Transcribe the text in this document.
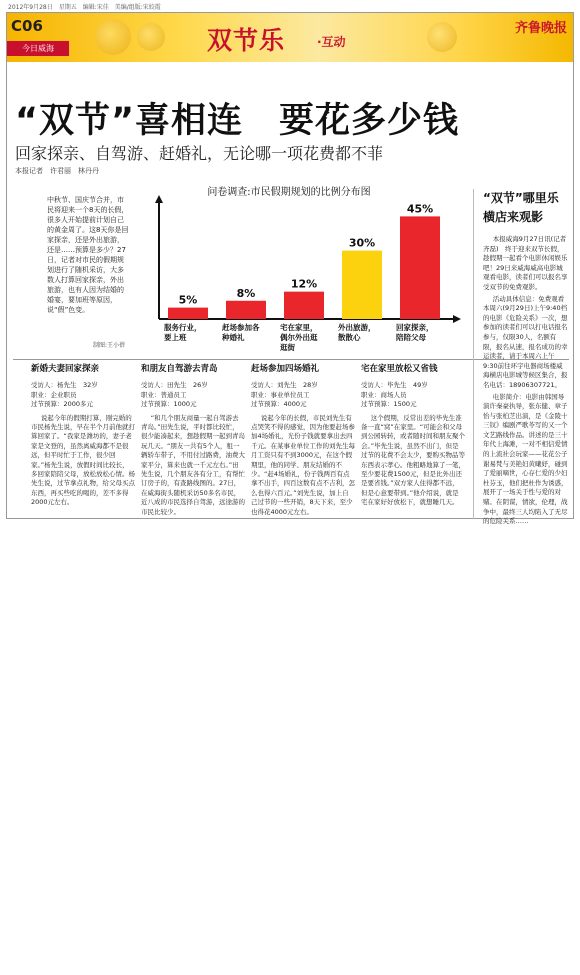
2012年9月28日　星期五　编辑:宋佳　美编/组版:宋姣霞
C06
今日威海	双节乐	·互动
齐鲁晚报
“双节”喜相连　要花多少钱
回家探亲、自驾游、赶婚礼，无论哪一项花费都不菲
本报记者　许君丽　林丹丹
中秋节、国庆节合并，市民将迎来一个8天的长假，很多人开始提前计划自己的黄金周了。这8天你是回家探亲，还是外出旅游，还是……预算是多少？27日，记者对市民的假期规划进行了随机采访，大多数人打算回家探亲，外出旅游，也有人因为结婚的婚宴，要加班等原因，说“假”色变。
制图:王小蓓
问卷调查:市民假期规划的比例分布图
5%
8%
12%
30%
45%
服务行业，要上班
赶场参加各种婚礼
宅在家里，偶尔外出逛逛街
外出旅游，散散心
回家探亲，陪陪父母
新婚夫妻回家探亲
受访人：杨先生　32岁
职业：企业职员
过节预算：2000多元

说起今年的假期打算，刚完婚的市民杨先生说，早在半个月前他就打算回家了。“我家是潍坊的，妻子老家是文登的，虽然离威海都不是很远，但平时忙于工作，很少回家。”杨先生说，放假时间比较长，多回家陪陪父母，放松放松心情。杨先生说，过节拿点礼物，给父母买点东西，再买些吃的喝的，差不多得2000元左右。

和朋友自驾游去青岛
受访人：田先生　26岁
职业：普通员工
过节预算：1000元

“和几个朋友商量一起自驾游去青岛。”田先生说，平时都比较忙，很少能凑起来，想趁假期一起到青岛玩几天。“朋友一共有5个人，租一辆轿车带子，不用付过路费，油费大家平分，算来也就一千元左右。”田先生说，几个朋友各有分工，有帮忙订房子的，有查路线图的。27日，在威海街头随机采访50多名市民，近八成的市民选择自驾游，远途游的市民比较少。

赶场参加四场婚礼
受访人：刘先生　28岁
职业：事业单位员工
过节预算：4000元

说起今年的长假，市民刘先生有点哭笑不得的感觉，因为他要赶场参加4场婚礼，光份子钱就要拿出去四千元。在某事业单位工作的刘先生每月工资只有不到3000元，在这个假期里，他的同学、朋友结婚的不少。“赶4场婚礼，份子钱两百有点拿不出手，四百这数有点不吉利，怎么也得六百元。”刘先生说，加上自己过节的一些开销，8天下来，至少也得花4000元左右。

宅在家里放松又省钱
受访人：毕先生　49岁
职业：商场人员
过节预算：1500元

这个假期，反常出差的毕先生准备一直“窝”在家里。“可能会和父母到公园转转，或者随时间和朋友聚个会。”毕先生说，虽然不出门，但是过节的花费不会太少，要购买物品等东西表示孝心。他粗略地算了一笔，至少要花费1500元，但是比外出还是要省钱。”双方家人住得都不远，但是心意要带到。”他介绍说，就是宅在家好好放松下，就想睡几天。

“双节”哪里乐　横店来观影

本报威海9月27日讯(记者　齐磊)　终于迎来双节长假，趁假期一起看个电影休闲娱乐吧！29日来威海威高电影城观看电影，读者们可以报名享受双节的免费观影。

活动具体信息：免费观看本周六(9月29日)上午9:40档的电影《危险关系》一次，想参加的读者们可以打电话报名参与，仅限30人，名额有限，报名从速，报名成功的幸运读者，请于本周六上午9:30前往环宇电器商场楼威海横店电影城等候区集合，报名电话：18906307721。

电影简介：电影由韩国导演许秦豪执导，张东健、章子怡与张柏芝出演，是《金陵十三钗》编剧严歌苓写的又一个文艺路线作品。讲述的是三十年代上海滩，一对不相信爱情的上流社会玩家——花花公子谢易梵与美艳妇黄曦妤，碰到了爱丽嘀世，心存仁爱的少妇杜芬玉，他们把杜作为诱惑，展开了一场关于性与爱的对赌。在阴谋，情欲，伦理，战争中，最终三人均陷入了无尽的危险关系……
